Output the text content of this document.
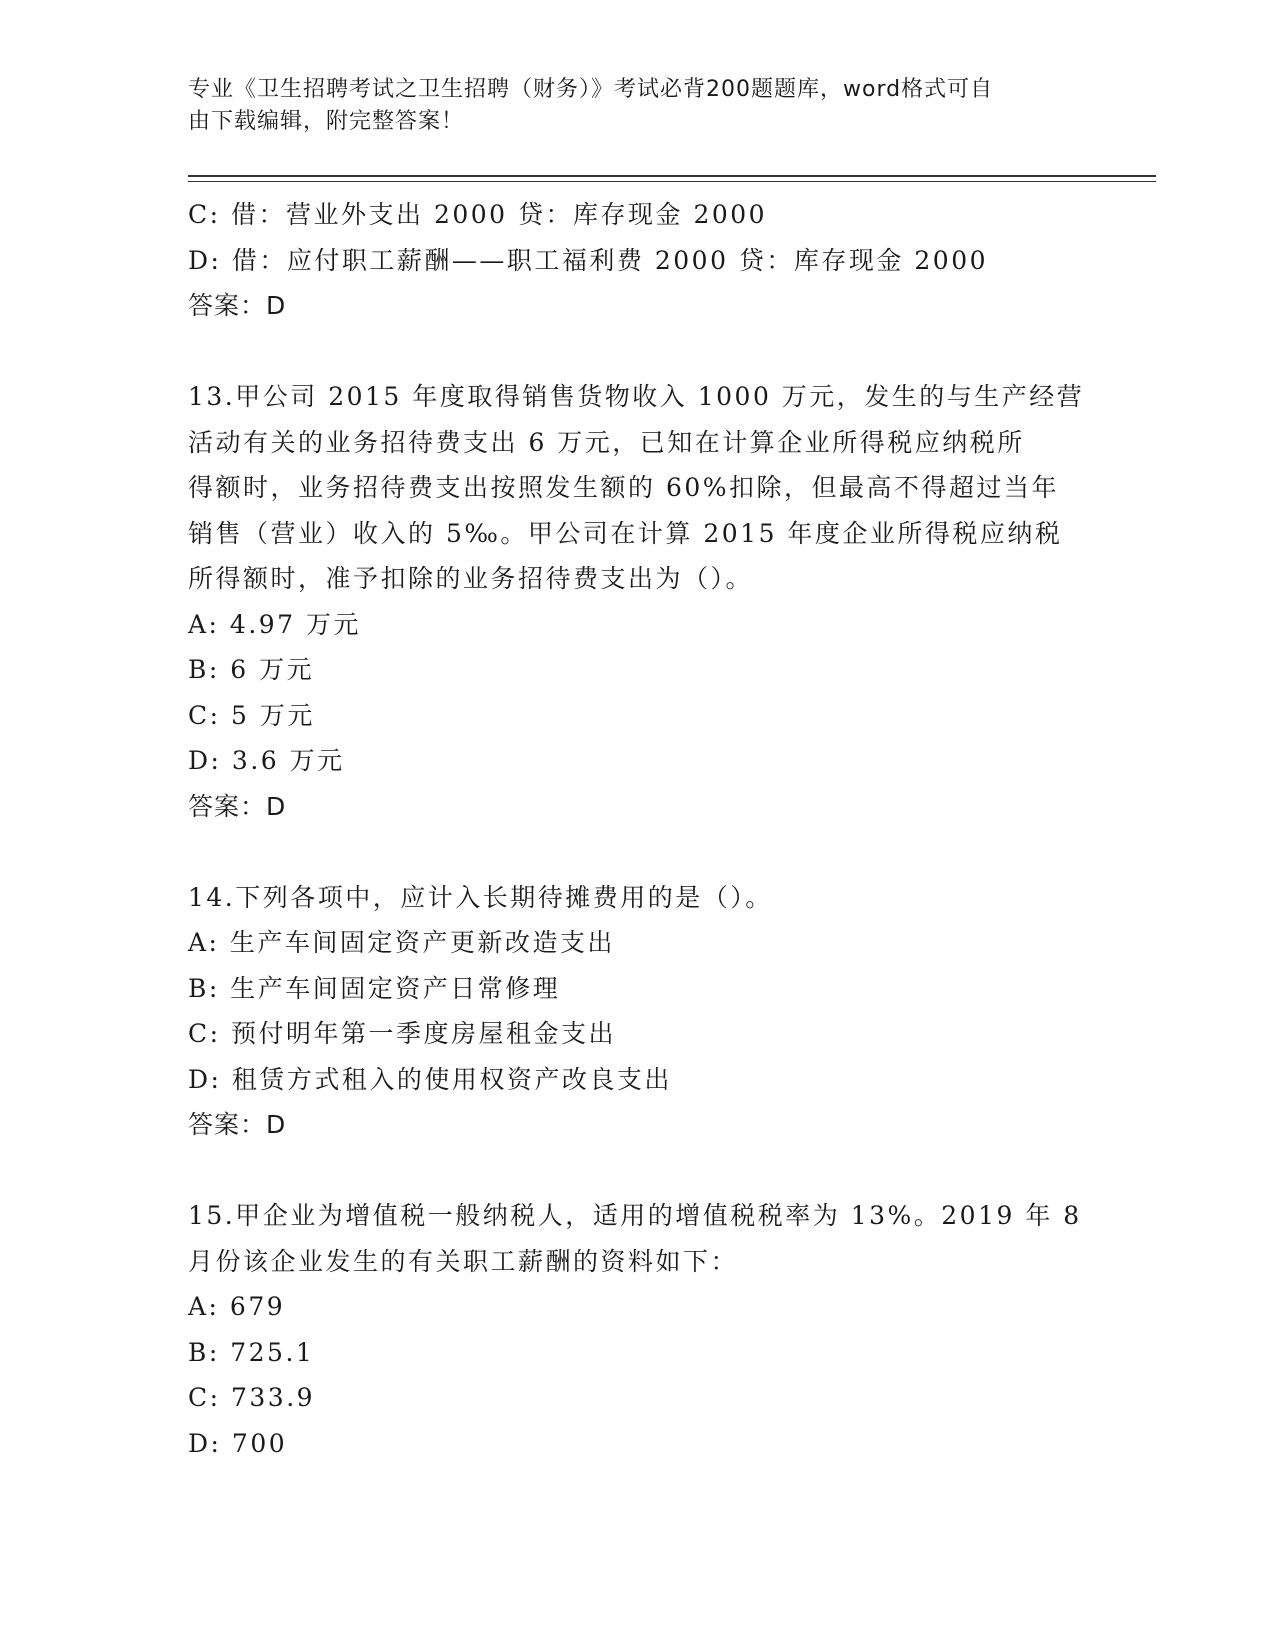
专业《卫生招聘考试之卫生招聘（财务）》考试必背200题题库，word格式可自
由下载编辑，附完整答案！
C: 借：营业外支出 2000 贷：库存现金 2000
D: 借：应付职工薪酬——职工福利费 2000 贷：库存现金 2000
答案：D
13.甲公司 2015 年度取得销售货物收入 1000 万元，发生的与生产经营
活动有关的业务招待费支出 6 万元，已知在计算企业所得税应纳税所
得额时，业务招待费支出按照发生额的 60%扣除，但最高不得超过当年
销售（营业）收入的 5‰。甲公司在计算 2015 年度企业所得税应纳税
所得额时，准予扣除的业务招待费支出为（）。
A: 4.97 万元
B: 6 万元
C: 5 万元
D: 3.6 万元
答案：D
14.下列各项中，应计入长期待摊费用的是（）。
A: 生产车间固定资产更新改造支出
B: 生产车间固定资产日常修理
C: 预付明年第一季度房屋租金支出
D: 租赁方式租入的使用权资产改良支出
答案：D
15.甲企业为增值税一般纳税人，适用的增值税税率为 13%。2019 年 8
月份该企业发生的有关职工薪酬的资料如下：
A: 679
B: 725.1
C: 733.9
D: 700
